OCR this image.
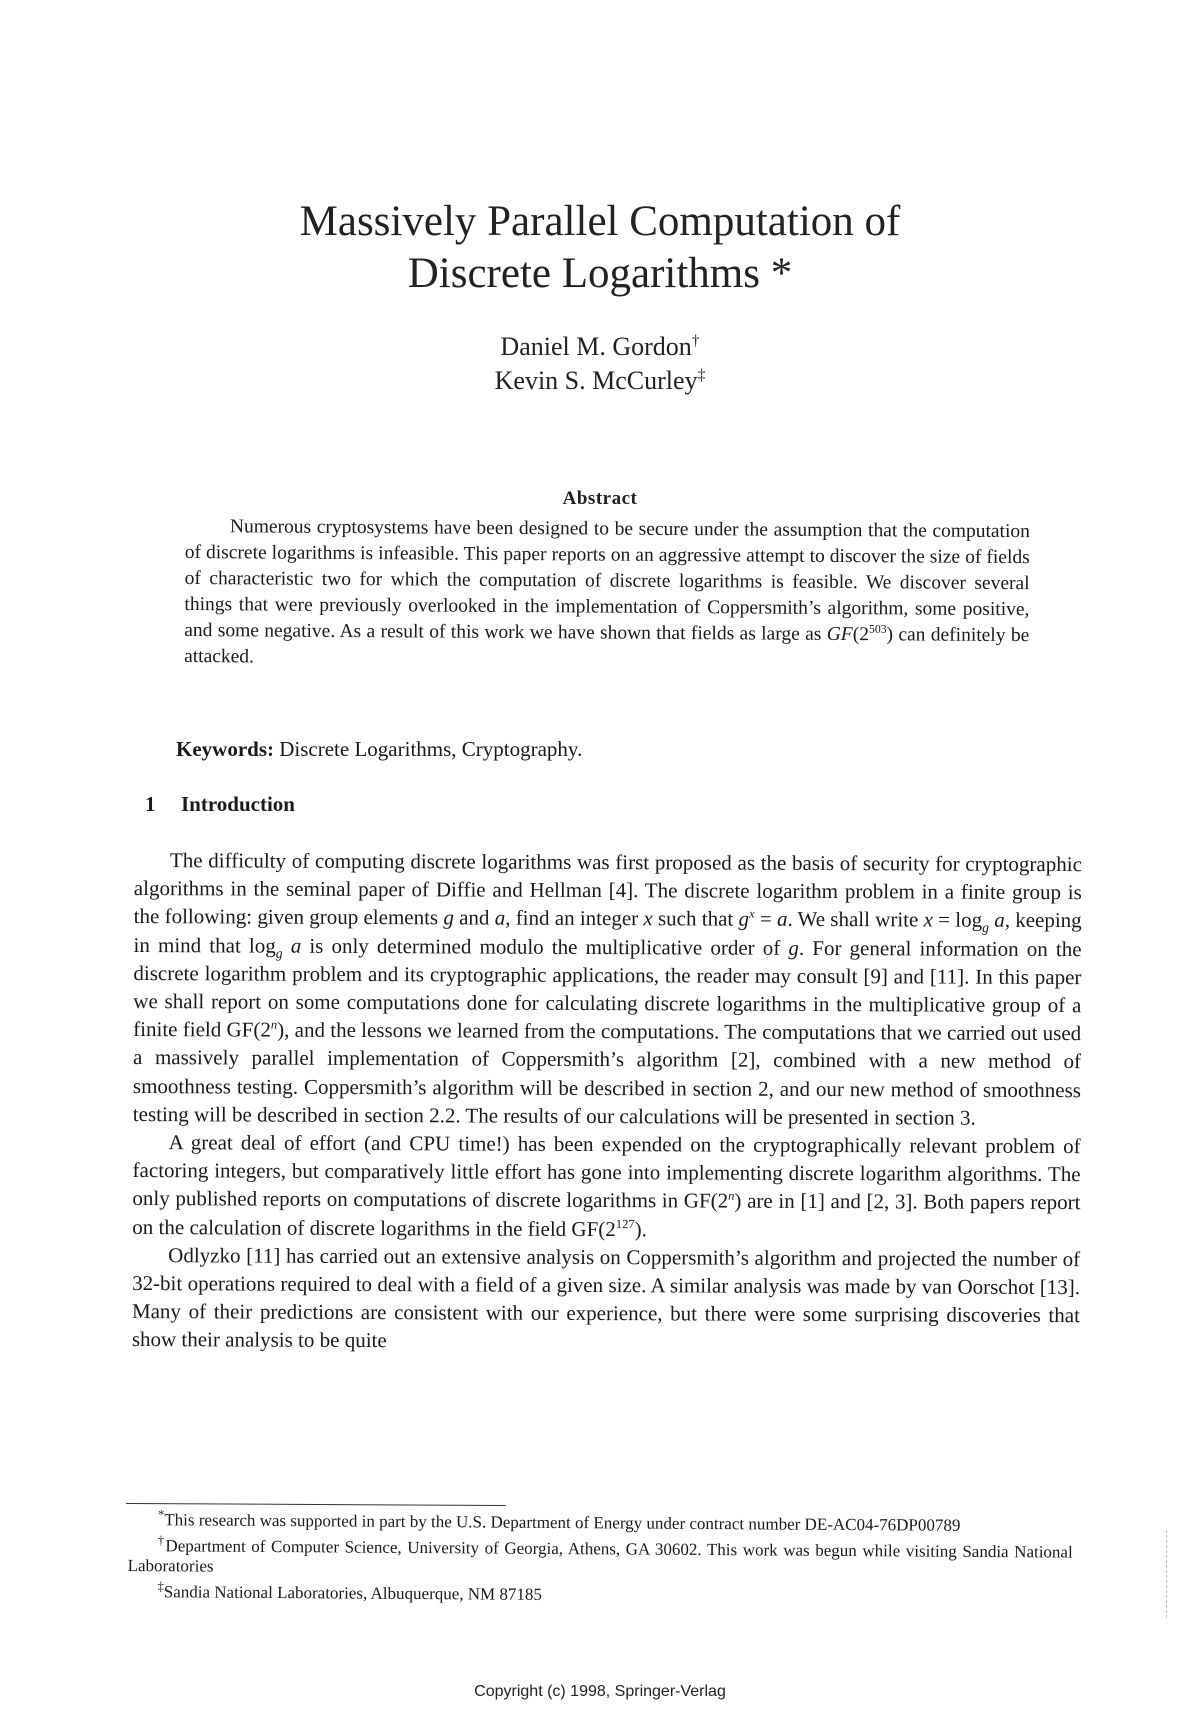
Massively Parallel Computation of
Discrete Logarithms *
Daniel M. Gordon†
Kevin S. McCurley‡
Abstract
Numerous cryptosystems have been designed to be secure under the assumption that the computation of discrete logarithms is infeasible. This paper reports on an aggressive attempt to discover the size of fields of characteristic two for which the computation of discrete logarithms is feasible. We discover several things that were previously overlooked in the implementation of Coppersmith’s algorithm, some positive, and some negative. As a result of this work we have shown that fields as large as $GF(2^{503})$ can definitely be attacked.
Keywords: Discrete Logarithms, Cryptography.
1 Introduction

The difficulty of computing discrete logarithms was first proposed as the basis of security for cryptographic algorithms in the seminal paper of Diffie and Hellman [4]. The discrete logarithm problem in a finite group is the following: given group elements g and a, find an integer x such that $g^x = a$. We shall write $x = \log_g a$, keeping in mind that $\log_g a$ is only determined modulo the multiplicative order of g. For general information on the discrete logarithm problem and its cryptographic applications, the reader may consult [9] and [11]. In this paper we shall report on some computations done for calculating discrete logarithms in the multiplicative group of a finite field GF(2$^n$), and the lessons we learned from the computations. The computations that we carried out used a massively parallel implementation of Coppersmith’s algorithm [2], combined with a new method of smoothness testing. Coppersmith’s algorithm will be described in section 2, and our new method of smoothness testing will be described in section 2.2. The results of our calculations will be presented in section 3.

A great deal of effort (and CPU time!) has been expended on the cryptographically relevant problem of factoring integers, but comparatively little effort has gone into implementing discrete logarithm algorithms. The only published reports on computations of discrete logarithms in GF(2$^n$) are in [1] and [2, 3]. Both papers report on the calculation of discrete logarithms in the field $GF(2^{127})$.

Odlyzko [11] has carried out an extensive analysis on Coppersmith’s algorithm and projected the number of 32-bit operations required to deal with a field of a given size. A similar analysis was made by van Oorschot [13]. Many of their predictions are consistent with our experience, but there were some surprising discoveries that show their analysis to be quite

*This research was supported in part by the U.S. Department of Energy under contract number DE-AC04-76DP00789

†Department of Computer Science, University of Georgia, Athens, GA 30602. This work was begun while visiting Sandia National Laboratories

‡Sandia National Laboratories, Albuquerque, NM 87185

Copyright (c) 1998, Springer-Verlag
